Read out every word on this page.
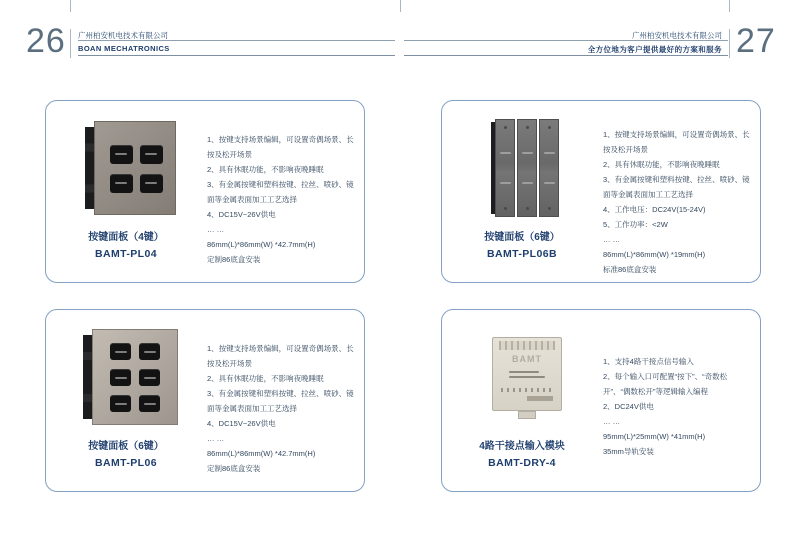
26 广州柏安机电技术有限公司
BOAN MECHATRONICS
广州柏安机电技术有限公司
全方位地为客户提供最好的方案和服务 27
按键面板（4键）
BAMT-PL04
1、按键支持场景编辑，可设置奇偶场景、长按及松开场景
2、具有休眠功能，不影响夜晚睡眠
3、有金属按键和塑料按键、拉丝、喷砂、镜面等金属表面加工工艺选择
4、DC15V~26V供电
… …
86mm(L)*86mm(W) *42.7mm(H)
定制86底盒安装
按键面板（6键）
BAMT-PL06B
1、按键支持场景编辑，可设置奇偶场景、长按及松开场景
2、具有休眠功能，不影响夜晚睡眠
3、有金属按键和塑料按键、拉丝、喷砂、镜面等金属表面加工工艺选择
4、工作电压：DC24V(15-24V)
5、工作功率：<2W
… …
86mm(L)*86mm(W) *19mm(H)
标准86底盒安装
按键面板（6键）
BAMT-PL06
1、按键支持场景编辑，可设置奇偶场景、长按及松开场景
2、具有休眠功能，不影响夜晚睡眠
3、有金属按键和塑料按键、拉丝、喷砂、镜面等金属表面加工工艺选择
4、DC15V~26V供电
… …
86mm(L)*86mm(W) *42.7mm(H)
定制86底盒安装
BAMT
4路干接点输入模块
BAMT-DRY-4
1、支持4路干接点信号输入
2、每个输入口可配置“按下”、“奇数松开”、“偶数松开”等逻辑输入编程
2、DC24V供电
… …
95mm(L)*25mm(W) *41mm(H)
35mm导轨安装
